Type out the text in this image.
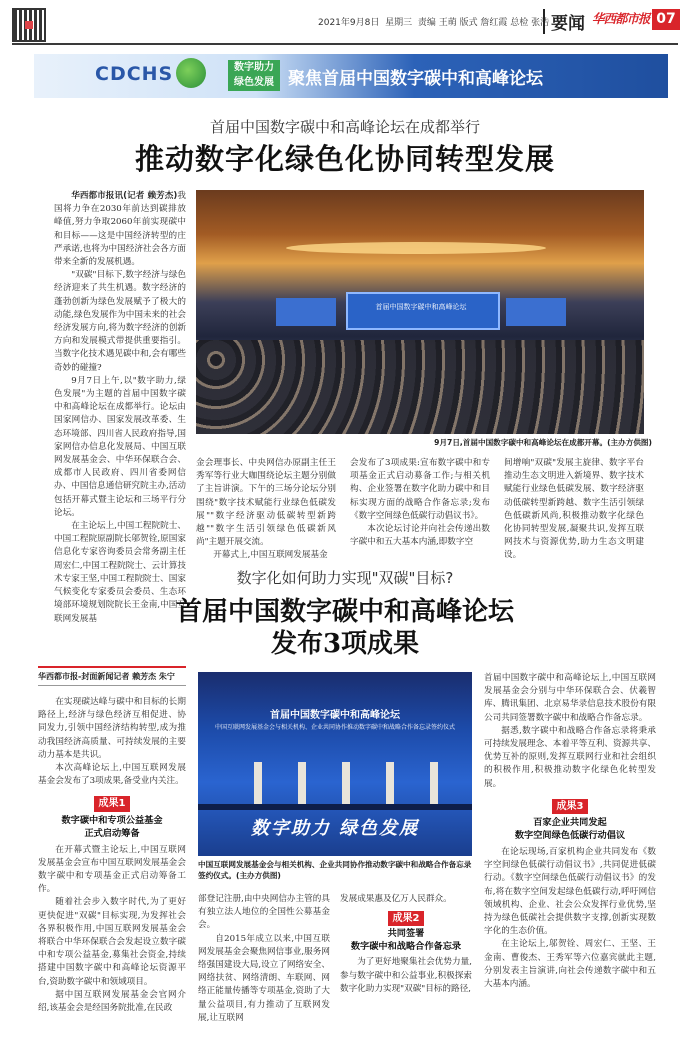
2021年9月8日 星期三 责编 王萌 版式 詹红霞 总检 张浩 要闻 华西都市报 07
CDCHS	数字助力
绿色发展 聚焦首届中国数字碳中和高峰论坛
首届中国数字碳中和高峰论坛在成都举行
推动数字化绿色化协同转型发展

华西都市报讯(记者 赖芳杰)我国将力争在2030年前达到碳排放峰值,努力争取2060年前实现碳中和目标——这是中国经济转型的庄严承诺,也将为中国经济社会各方面带来全新的发展机遇。

"双碳"目标下,数字经济与绿色经济迎来了共生机遇。数字经济的蓬勃创新为绿色发展赋予了极大的动能,绿色发展作为中国未来的社会经济发展方向,将为数字经济的创新方向和发展模式带提供重要指引。当数字化技术遇见碳中和,会有哪些奇妙的碰撞?

9月7日上午,以"数字助力,绿色发展"为主题的首届中国数字碳中和高峰论坛在成都举行。论坛由国家网信办、国家发展改革委、生态环境部、四川省人民政府指导,国家网信办信息化发展局、中国互联网发展基金会、中华环保联合会、成都市人民政府、四川省委网信办、中国信息通信研究院主办,活动包括开幕式暨主论坛和三场平行分论坛。

在主论坛上,中国工程院院士、中国工程院原副院长邬贺铨,原国家信息化专家咨询委员会常务副主任周宏仁,中国工程院院士、云计算技术专家王坚,中国工程院院士、国家气候变化专家委员会委员、生态环境部环境规划院院长王金南,中国互联网发展基

首届中国数字碳中和高峰论坛
9月7日,首届中国数字碳中和高峰论坛在成都开幕。(主办方供图)

金会理事长、中央网信办原副主任王秀军等行业大咖围绕论坛主题分别做了主旨讲演。下午的三场分论坛分别围绕"数字技术赋能行业绿色低碳发展""数字经济驱动低碳转型新跨越""数字生活引领绿色低碳新风尚"主题开展交流。

开幕式上,中国互联网发展基金

会发布了3项成果:宣布数字碳中和专项基金正式启动募备工作;与相关机构、企业签署在数字化助力碳中和目标实现方面的战略合作备忘录;发布《数字空间绿色低碳行动倡议书》。

本次论坛讨论并向社会传递出数字碳中和五大基本内涵,即数字空

间增响"双碳"发展主旋律、数字平台推动生态文明进入新境界、数字技术赋能行业绿色低碳发展、数字经济驱动低碳转型新跨越、数字生活引领绿色低碳新风尚,积极推动数字化绿色化协同转型发展,凝聚共识,发挥互联网技术与资源优势,助力生态文明建设。

数字化如何助力实现"双碳"目标?
首届中国数字碳中和高峰论坛
发布3项成果
华西都市报-封面新闻记者 赖芳杰 朱宁

在实现碳达峰与碳中和目标的长期路径上,经济与绿色经济互相促进、协同发力,引领中国经济结构转型,成为推动我国经济高质量、可持续发展的主要动力基本是共识。

本次高峰论坛上,中国互联网发展基金会发布了3项成果,备受业内关注。

成果1
数字碳中和专项公益基金
正式启动筹备

在开幕式暨主论坛上,中国互联网发展基金会宣布中国互联网发展基金会数字碳中和专项基金正式启动筹备工作。

随着社会步入数字时代,为了更好更快促进"双碳"目标实现,为发挥社会各界积极作用,中国互联网发展基金会将联合中华环保联合会发起设立数字碳中和专项公益基金,募集社会资金,持续搭建中国数字碳中和高峰论坛资源平台,资助数字碳中和领域项目。

据中国互联网发展基金会官网介绍,该基金会是经国务院批准,在民政

首届中国数字碳中和高峰论坛
中国互联网发展基金会与相关机构、企业共同协作推动数字碳中和战略合作备忘录签约仪式
数字助力 绿色发展
中国互联网发展基金会与相关机构、企业共同协作推动数字碳中和战略合作备忘录签约仪式。(主办方供图)

部登记注册,由中央网信办主管的具有独立法人地位的全国性公募基金会。

自2015年成立以来,中国互联网发展基金会聚焦网信事业,服务网络强国建设大局,设立了网络安全、网络扶贫、网络清朗、车联网、网络正能量传播等专项基金,资助了大量公益项目,有力推动了互联网发展,让互联网

发展成果惠及亿万人民群众。

成果2
共同签署
数字碳中和战略合作备忘录

为了更好地聚集社会优势力量,参与数字碳中和公益事业,积极探索数字化助力实现"双碳"目标的路径,

首届中国数字碳中和高峰论坛上,中国互联网发展基金会分别与中华环保联合会、伏羲智库、腾讯集团、北京易华录信息技术股份有限公司共同签署数字碳中和战略合作备忘录。

据悉,数字碳中和战略合作备忘录将秉承可持续发展理念、本着平等互利、资源共享、优势互补的原则,发挥互联网行业和社会组织的积极作用,积极推动数字化绿色化转型发展。

成果3
百家企业共同发起
数字空间绿色低碳行动倡议

在论坛现场,百家机构企业共同发布《数字空间绿色低碳行动倡议书》,共同促进低碳行动。《数字空间绿色低碳行动倡议书》的发布,将在数字空间发起绿色低碳行动,呼吁网信领域机构、企业、社会公众发挥行业优势,坚持为绿色低碳社会提供数字支撑,创新实现数字化的生态价值。

在主论坛上,邬贺铨、周宏仁、王坚、王金南、曹俊杰、王秀军等六位嘉宾就此主题,分别发表主旨演讲,向社会传递数字碳中和五大基本内涵。
